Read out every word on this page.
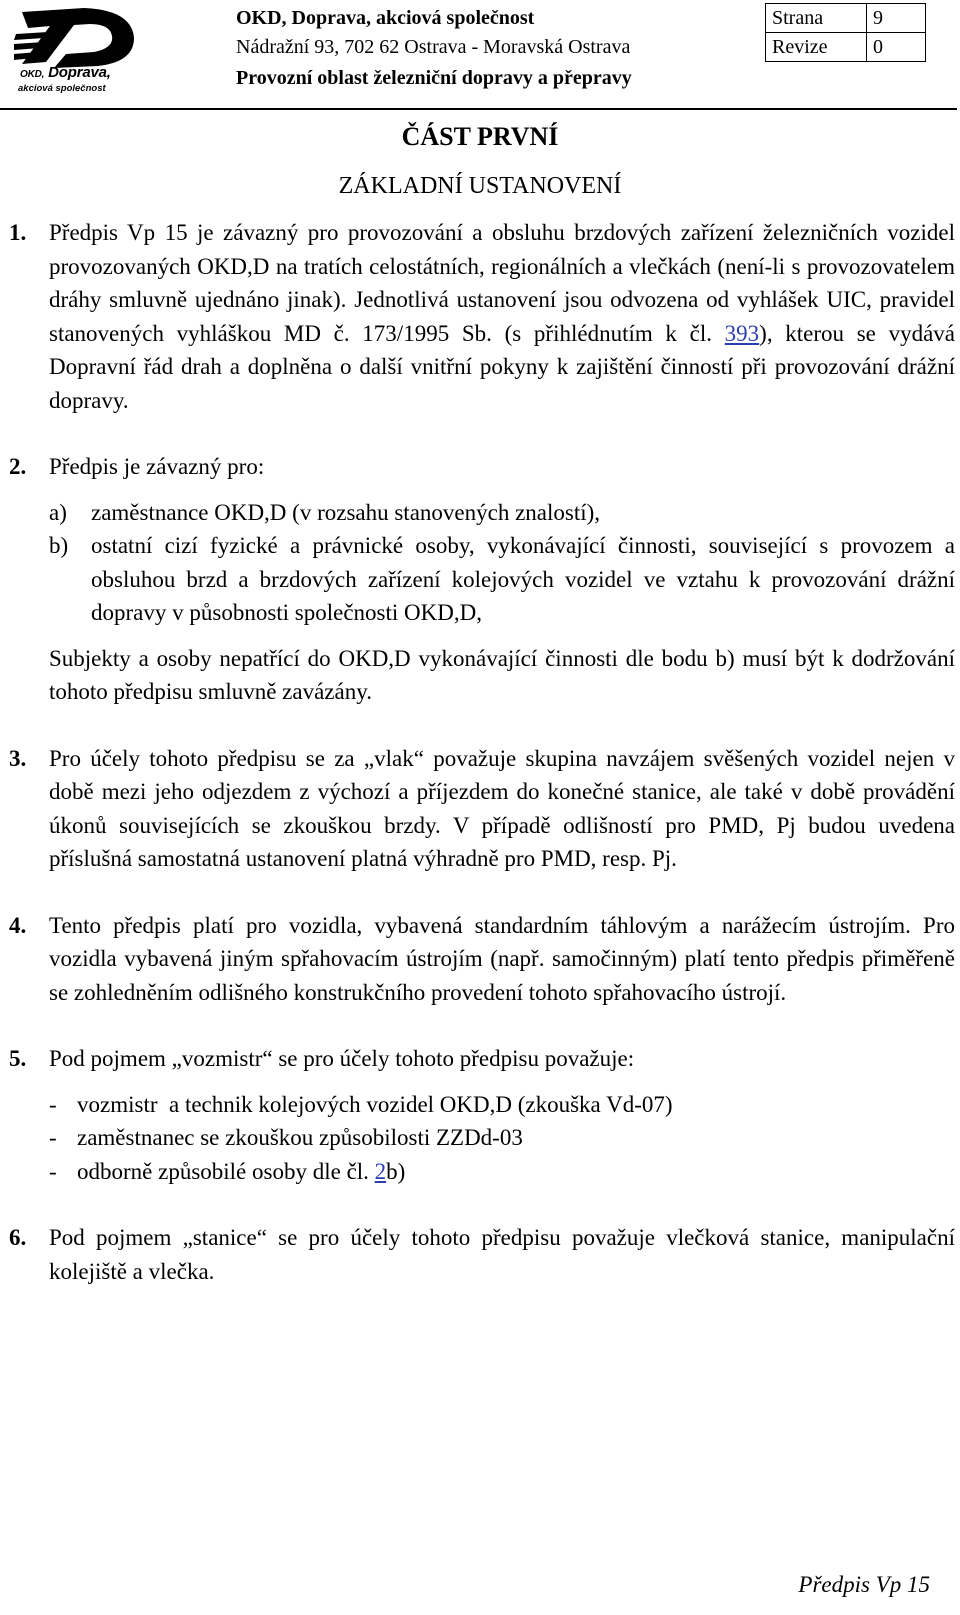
OKD, Doprava,
akciová společnost
OKD, Doprava, akciová společnost
Nádražní 93, 702 62 Ostrava - Moravská Ostrava
Provozní oblast železniční dopravy a přepravy
Strana	9
Revize	0
ČÁST PRVNÍ
ZÁKLADNÍ USTANOVENÍ

1. Předpis Vp 15 je závazný pro provozování a obsluhu brzdových zařízení železničních vozidel provozovaných OKD,D na tratích celostátních, regionálních a vlečkách (není-li s provozovatelem dráhy smluvně ujednáno jinak). Jednotlivá ustanovení jsou odvozena od vyhlášek UIC, pravidel stanovených vyhláškou MD č. 173/1995 Sb. (s přihlédnutím k čl. 393), kterou se vydává Dopravní řád drah a doplněna o další vnitřní pokyny k zajištění činností při provozování drážní dopravy.

2. Předpis je závazný pro:
a) zaměstnance OKD,D (v rozsahu stanovených znalostí),
b) ostatní cizí fyzické a právnické osoby, vykonávající činnosti, související s provozem a obsluhou brzd a brzdových zařízení kolejových vozidel ve vztahu k provozování drážní dopravy v působnosti společnosti OKD,D,
Subjekty a osoby nepatřící do OKD,D vykonávající činnosti dle bodu b) musí být k dodržování tohoto předpisu smluvně zavázány.

3. Pro účely tohoto předpisu se za „vlak“ považuje skupina navzájem svěšených vozidel nejen v době mezi jeho odjezdem z výchozí a příjezdem do konečné stanice, ale také v době provádění úkonů souvisejících se zkouškou brzdy. V případě odlišností pro PMD, Pj budou uvedena příslušná samostatná ustanovení platná výhradně pro PMD, resp. Pj.

4. Tento předpis platí pro vozidla, vybavená standardním táhlovým a narážecím ústrojím. Pro vozidla vybavená jiným spřahovacím ústrojím (např. samočinným) platí tento předpis přiměřeně se zohledněním odlišného konstrukčního provedení tohoto spřahovacího ústrojí.

5. Pod pojmem „vozmistr“ se pro účely tohoto předpisu považuje:
- vozmistr  a technik kolejových vozidel OKD,D (zkouška Vd-07)
- zaměstnanec se zkouškou způsobilosti ZZDd-03
- odborně způsobilé osoby dle čl. 2b)

6. Pod pojmem „stanice“ se pro účely tohoto předpisu považuje vlečková stanice, manipulační kolejiště a vlečka.

Předpis Vp 15
